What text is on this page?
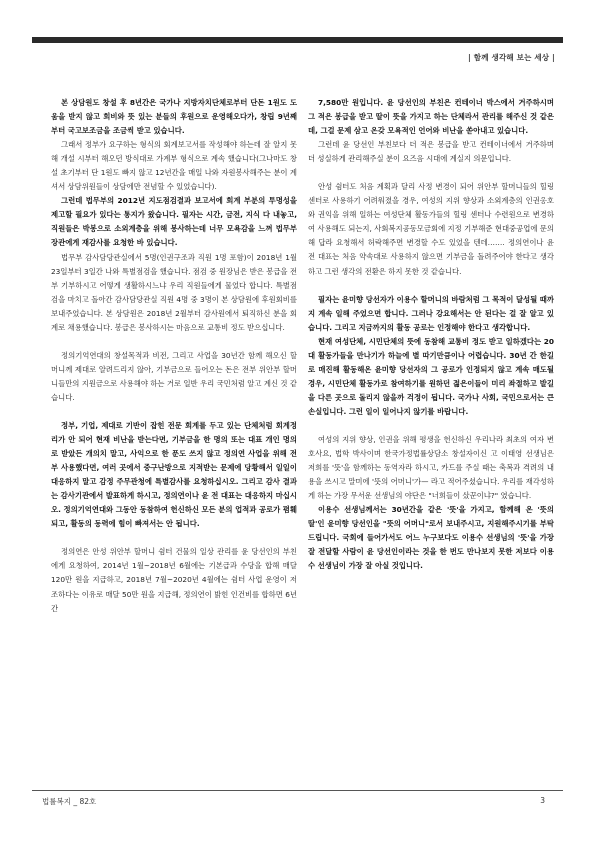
| 함께 생각해 보는 세상 |

본 상담원도 창설 후 8년간은 국가나 지방자치단체로부터 단돈 1원도 도움을 받지 않고 회비와 뜻 있는 분들의 후원으로 운영해오다가, 창립 9년째부터 국고보조금을 조금씩 받고 있습니다.

그래서 정부가 요구하는 형식의 회계보고서를 작성해야 하는데 잘 알지 못해 개설 시부터 해오던 방식대로 가계부 형식으로 계속 했습니다(그나마도 창설 초기부터 단 1원도 빠지 않고 12년간을 매일 나와 자원봉사해주는 분이 계셔서 상담위원들이 상담에만 전념할 수 있었습니다).

그런데 법무부의 2012년 지도점검결과 보고서에 회계 부분의 투명성을 제고할 필요가 있다는 통지가 왔습니다. 필자는 시간, 금전, 지식 다 내놓고, 직원들은 박봉으로 소외계층을 위해 봉사하는데 너무 모욕감을 느껴 법무부 장관에게 재감사를 요청한 바 있습니다.

법무부 감사담당관실에서 5명(인권구조과 직원 1명 포함)이 2018년 1월 23일부터 3일간 나와 특별점검을 했습니다. 점검 중 원장님은 받은 봉급을 전부 기부하시고 어떻게 생활하시느냐 우리 직원들에게 물었다 합니다. 특별점검을 마치고 돌아간 감사담당관실 직원 4명 중 3명이 본 상담원에 후원회비를 보내주었습니다. 본 상담원은 2018년 2월부터 감사원에서 퇴직하신 분을 회계로 채용했습니다. 봉급은 봉사하시는 마음으로 교통비 정도 받으십니다.

정의기억연대의 창설목적과 비전, 그리고 사업을 30년간 함께 해오신 할머니께 제대로 알려드리지 않아, 기부금으로 들어오는 돈은 전부 위안부 할머니들만의 지원금으로 사용해야 하는 거로 일반 우리 국민처럼 알고 계신 것 같습니다.

정부, 기업, 제대로 기반이 잡힌 전문 회계를 두고 있는 단체처럼 회계정리가 안 되어 현재 비난을 받는다면, 기부금을 한 명의 또는 대표 개인 명의로 받았든 개의치 말고, 사익으로 한 푼도 쓰지 않고 정의연 사업을 위해 전부 사용했다면, 여러 곳에서 중구난방으로 지적받는 문제에 당황해서 일일이 대응하지 말고 감정 주무관청에 특별감사를 요청하십시오. 그리고 감사 결과는 감사기관에서 발표하게 하시고, 정의연이나 윤 전 대표는 대응하지 마십시오. 정의기억연대와 그동안 동참하여 헌신하신 모든 분의 업적과 공로가 폄훼되고, 활동의 동력에 힘이 빠져서는 안 됩니다.

정의연은 안성 위안부 할머니 쉼터 건물의 일상 관리를 윤 당선인의 부친에게 요청하여, 2014년 1월~2018년 6월에는 기본급과 수당을 합해 매달 120만 원을 지급하고, 2018년 7월~2020년 4월에는 쉼터 사업 운영이 저조하다는 이유로 매달 50만 원을 지급해, 정의연이 밝힌 인건비를 합하면 6년간

7,580만 원입니다. 윤 당선인의 부친은 컨테이너 박스에서 거주하시며 그 적은 봉급을 받고 딸이 뜻을 가지고 하는 단체라서 관리를 해주신 것 같은데, 그걸 문제 삼고 온갖 모욕적인 언어와 비난을 쏟아내고 있습니다.

그런데 윤 당선인 부친보다 더 적은 봉급을 받고 컨테이너에서 거주하며 더 성실하게 관리해주실 분이 요즈음 시대에 계실지 의문입니다.

안성 쉼터도 처음 계획과 달리 사정 변경이 되어 위안부 할머니들의 힐링 센터로 사용하기 어려워졌을 경우, 여성의 지위 향상과 소외계층의 인권옹호와 권익을 위해 일하는 여성단체 활동가들의 힐링 센터나 수련원으로 변경하여 사용해도 되는지, 사회복지공동모금회에 지정 기부해준 현대중공업에 문의해 답라 요청해서 허락해주면 변경할 수도 있었을 텐데……. 정의연이나 윤 전 대표는 처음 약속대로 사용하지 않으면 기부금을 돌려주어야 한다고 생각하고 그런 생각의 전환은 하지 못한 것 같습니다.

필자는 윤미향 당선자가 이용수 할머니의 바람처럼 그 목적이 달성될 때까지 계속 일해 주었으면 합니다. 그러나 강요해서는 안 된다는 걸 잘 알고 있습니다. 그리고 지금까지의 활동 공로는 인정해야 한다고 생각합니다.

현재 여성단체, 시민단체의 뜻에 동참해 교통비 정도 받고 일하겠다는 20대 활동가들을 만나기가 하늘에 별 따기만큼이나 어렵습니다. 30년 간 한길로 매진해 활동해온 윤미향 당선자의 그 공로가 인정되지 않고 계속 매도될 경우, 시민단체 활동가로 참여하기를 원하던 젊은이들이 미리 좌절하고 발길을 다른 곳으로 돌리지 않을까 걱정이 됩니다. 국가나 사회, 국민으로서는 큰 손실입니다. 그런 일이 일어나지 않기를 바랍니다.

여성의 지위 향상, 인권을 위해 평생을 헌신하신 우리나라 최초의 여자 변호사요, 법학 박사이며 한국가정법률상담소 창설자이신 고 이태영 선생님은 저희를 '뜻'을 함께하는 동역자라 하시고, 카드를 주실 때는 축복과 격려의 내용을 쓰시고 말미에 '뜻의 어머니'가— 라고 적어주셨습니다. 우리를 재각성하게 하는 가장 무서운 선생님의 야단은 "너희들이 샀꾼이냐?" 였습니다.

이용수 선생님께서는 30년간을 같은 '뜻'을 가지고, 함께해 온 '뜻의 딸'인 윤미향 당선인을 "뜻의 어머니"로서 보내주시고, 지원해주시기를 부탁드립니다. 국회에 들어가서도 어느 누구보다도 이용수 선생님의 '뜻'을 가장 잘 전달할 사람이 윤 당선인이라는 것을 한 번도 만나보지 못한 저보다 이용수 선생님이 가장 잘 아실 것입니다.

법률복지 _ 82호	3
